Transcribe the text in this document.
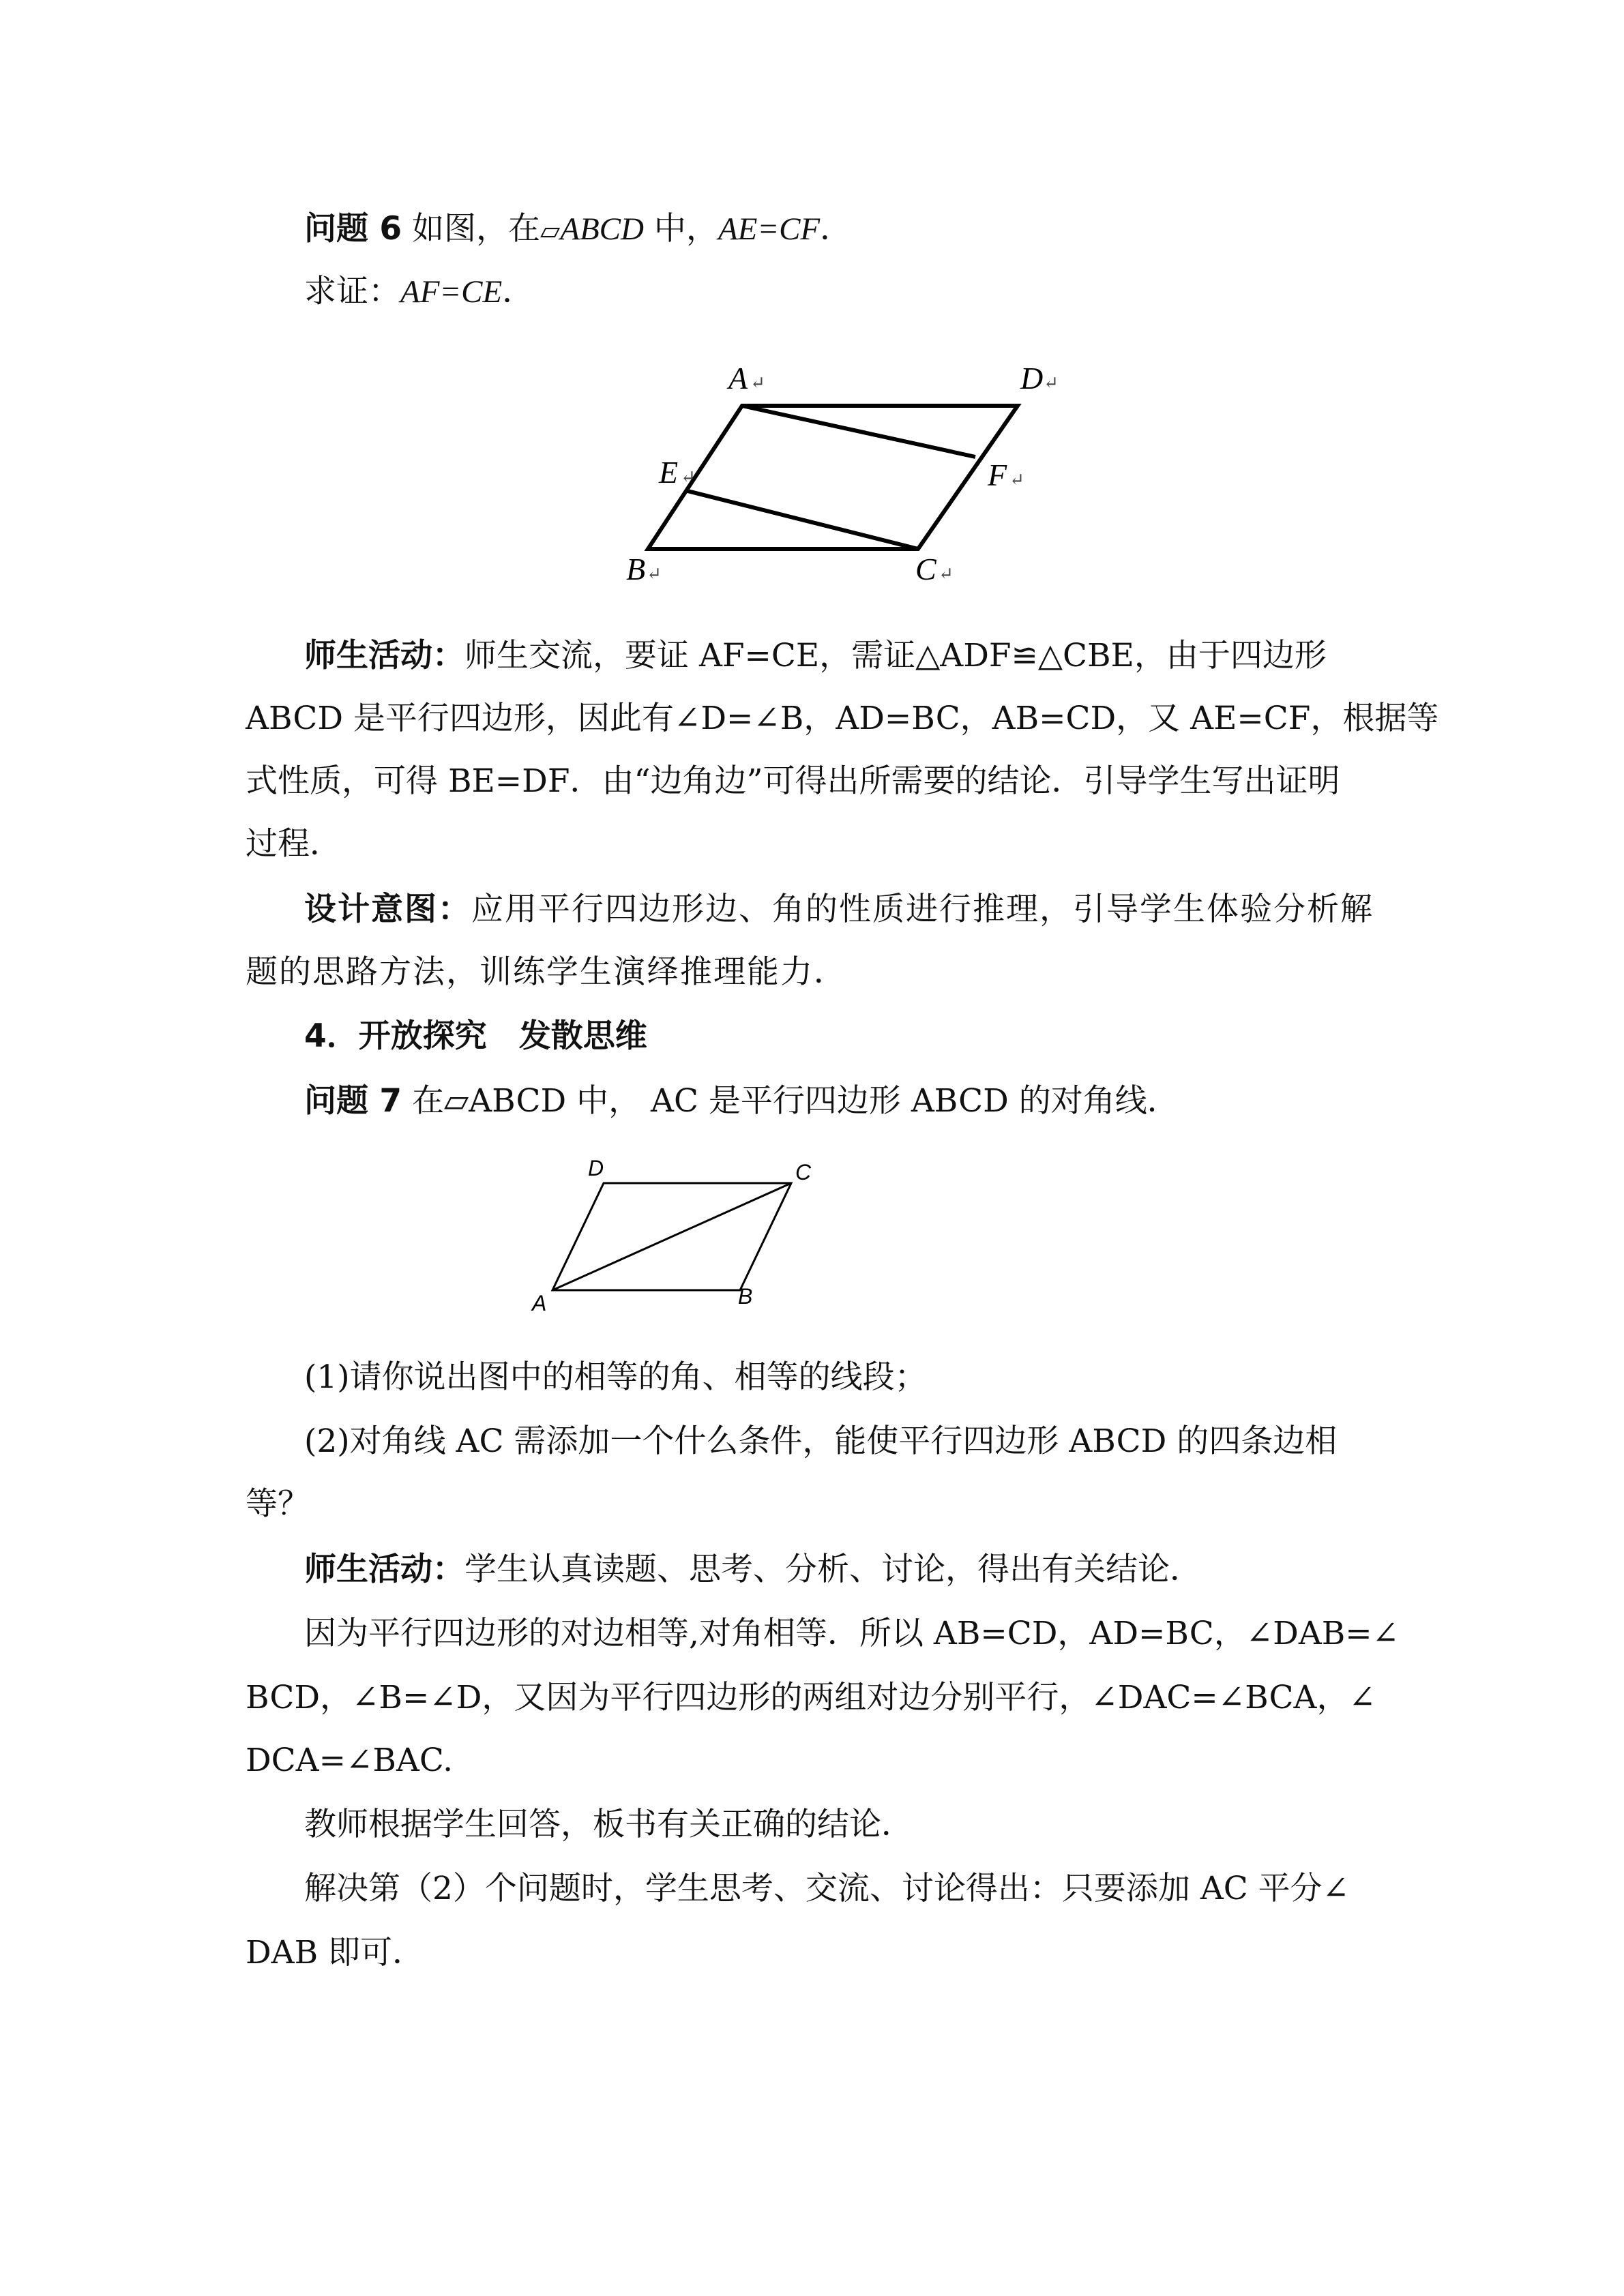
问题 6 如图，在▱ABCD 中，AE=CF．
求证：AF=CE．
A	D
E	F
B	C
↵	↵
↵	↵
↵	↵
师生活动：师生交流，要证 AF=CE，需证△ADF≌△CBE，由于四边形
ABCD 是平行四边形，因此有∠D=∠B，AD=BC，AB=CD，又 AE=CF，根据等
式性质，可得 BE=DF．由“边角边”可得出所需要的结论．引导学生写出证明
过程．
设计意图：应用平行四边形边、角的性质进行推理，引导学生体验分析解
题的思路方法，训练学生演绎推理能力．
4．开放探究　发散思维
问题 7 在▱ABCD 中， AC 是平行四边形 ABCD 的对角线．
D	C
A	B
(1)请你说出图中的相等的角、相等的线段；
(2)对角线 AC 需添加一个什么条件，能使平行四边形 ABCD 的四条边相
等？
师生活动：学生认真读题、思考、分析、讨论，得出有关结论．
因为平行四边形的对边相等,对角相等．所以 AB=CD，AD=BC，∠DAB=∠
BCD，∠B=∠D，又因为平行四边形的两组对边分别平行，∠DAC=∠BCA，∠
DCA=∠BAC.
教师根据学生回答，板书有关正确的结论．
解决第（2）个问题时，学生思考、交流、讨论得出：只要添加 AC 平分∠
DAB 即可．
